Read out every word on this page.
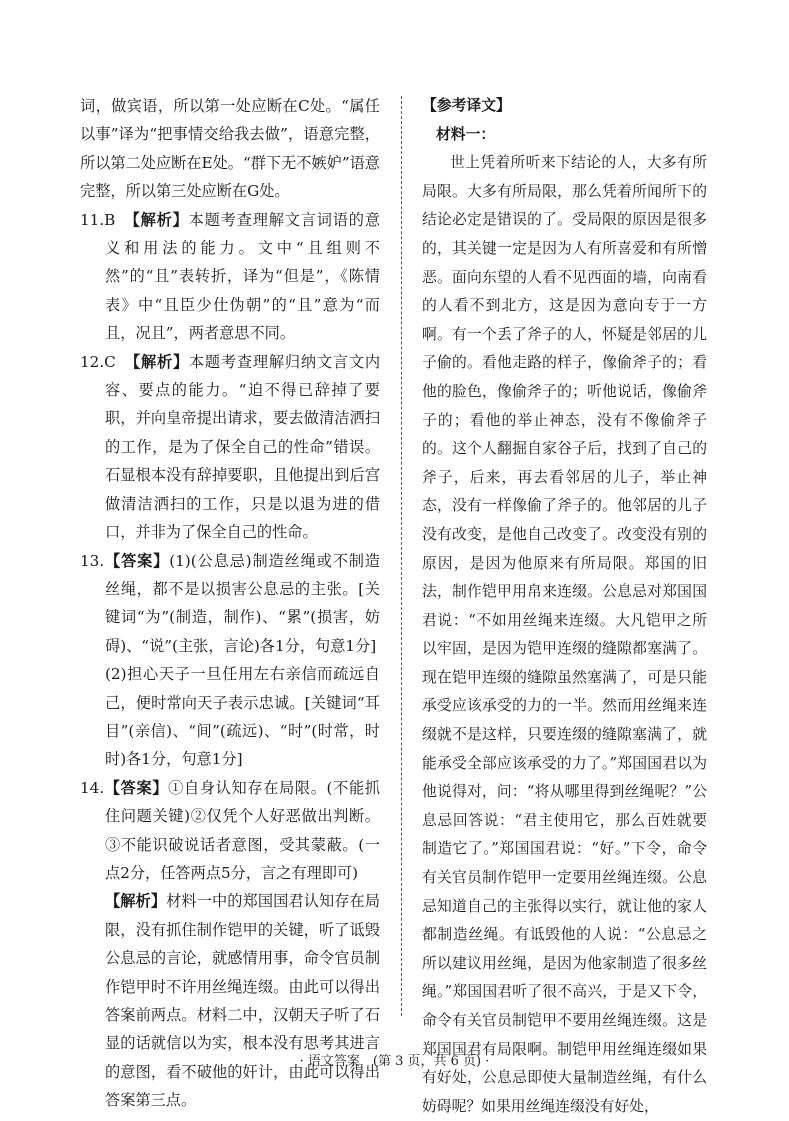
词，做宾语，所以第一处应断在C处。“属任以事”译为“把事情交给我去做”，语意完整，所以第二处应断在E处。“群下无不嫉妒”语意完整，所以第三处应断在G处。

11.B　 【解析】本题考查理解文言词语的意义和用法的能力。文中“且组则不然”的“且”表转折，译为“但是”，《陈情表》中“且臣少仕伪朝”的“且”意为“而且，况且”，两者意思不同。

12.C　 【解析】本题考查理解归纳文言文内容、要点的能力。“迫不得已辞掉了要职，并向皇帝提出请求，要去做清洁洒扫的工作，是为了保全自己的性命”错误。石显根本没有辞掉要职，且他提出到后宫做清洁洒扫的工作，只是以退为进的借口，并非为了保全自己的性命。

13.【答案】(1)(公息忌)制造丝绳或不制造丝绳，都不是以损害公息忌的主张。[关键词“为”(制造，制作)、“累”(损害，妨碍)、“说”(主张，言论)各1分，句意1分]

(2)担心天子一旦任用左右亲信而疏远自己，便时常向天子表示忠诚。[关键词“耳目”(亲信)、“间”(疏远)、“时”(时常，时时)各1分，句意1分]

14.【答案】①自身认知存在局限。(不能抓住问题关键)②仅凭个人好恶做出判断。③不能识破说话者意图，受其蒙蔽。(一点2分，任答两点5分，言之有理即可)

【解析】材料一中的郑国国君认知存在局限，没有抓住制作铠甲的关键，听了诋毁公息忌的言论，就感情用事，命令官员制作铠甲时不许用丝绳连缀。由此可以得出答案前两点。材料二中，汉朝天子听了石显的话就信以为实，根本没有思考其进言的意图，看不破他的奸计，由此可以得出答案第三点。

【参考译文】

材料一：

世上凭着所听来下结论的人，大多有所局限。大多有所局限，那么凭着所闻所下的结论必定是错误的了。受局限的原因是很多的，其关键一定是因为人有所喜爱和有所憎恶。面向东望的人看不见西面的墙，向南看的人看不到北方，这是因为意向专于一方啊。有一个丢了斧子的人，怀疑是邻居的儿子偷的。看他走路的样子，像偷斧子的；看他的脸色，像偷斧子的；听他说话，像偷斧子的；看他的举止神态，没有不像偷斧子的。这个人翻掘自家谷子后，找到了自己的斧子，后来，再去看邻居的儿子，举止神态，没有一样像偷了斧子的。他邻居的儿子没有改变，是他自己改变了。改变没有别的原因，是因为他原来有所局限。郑国的旧法，制作铠甲用帛来连缀。公息忌对郑国国君说：“不如用丝绳来连缀。大凡铠甲之所以牢固，是因为铠甲连缀的缝隙都塞满了。现在铠甲连缀的缝隙虽然塞满了，可是只能承受应该承受的力的一半。然而用丝绳来连缀就不是这样，只要连缀的缝隙塞满了，就能承受全部应该承受的力了。”郑国国君以为他说得对，问：“将从哪里得到丝绳呢？”公息忌回答说：“君主使用它，那么百姓就要制造它了。”郑国国君说：“好。”下令，命令有关官员制作铠甲一定要用丝绳连缀。公息忌知道自己的主张得以实行，就让他的家人都制造丝绳。有诋毁他的人说：“公息忌之所以建议用丝绳，是因为他家制造了很多丝绳。”郑国国君听了很不高兴，于是又下令，命令有关官员制铠甲不要用丝绳连缀。这是郑国国君有局限啊。制铠甲用丝绳连缀如果有好处，公息忌即使大量制造丝绳，有什么妨碍呢？如果用丝绳连缀没有好处，

· 语文答案　(第 3 页，共 6 页) ·
